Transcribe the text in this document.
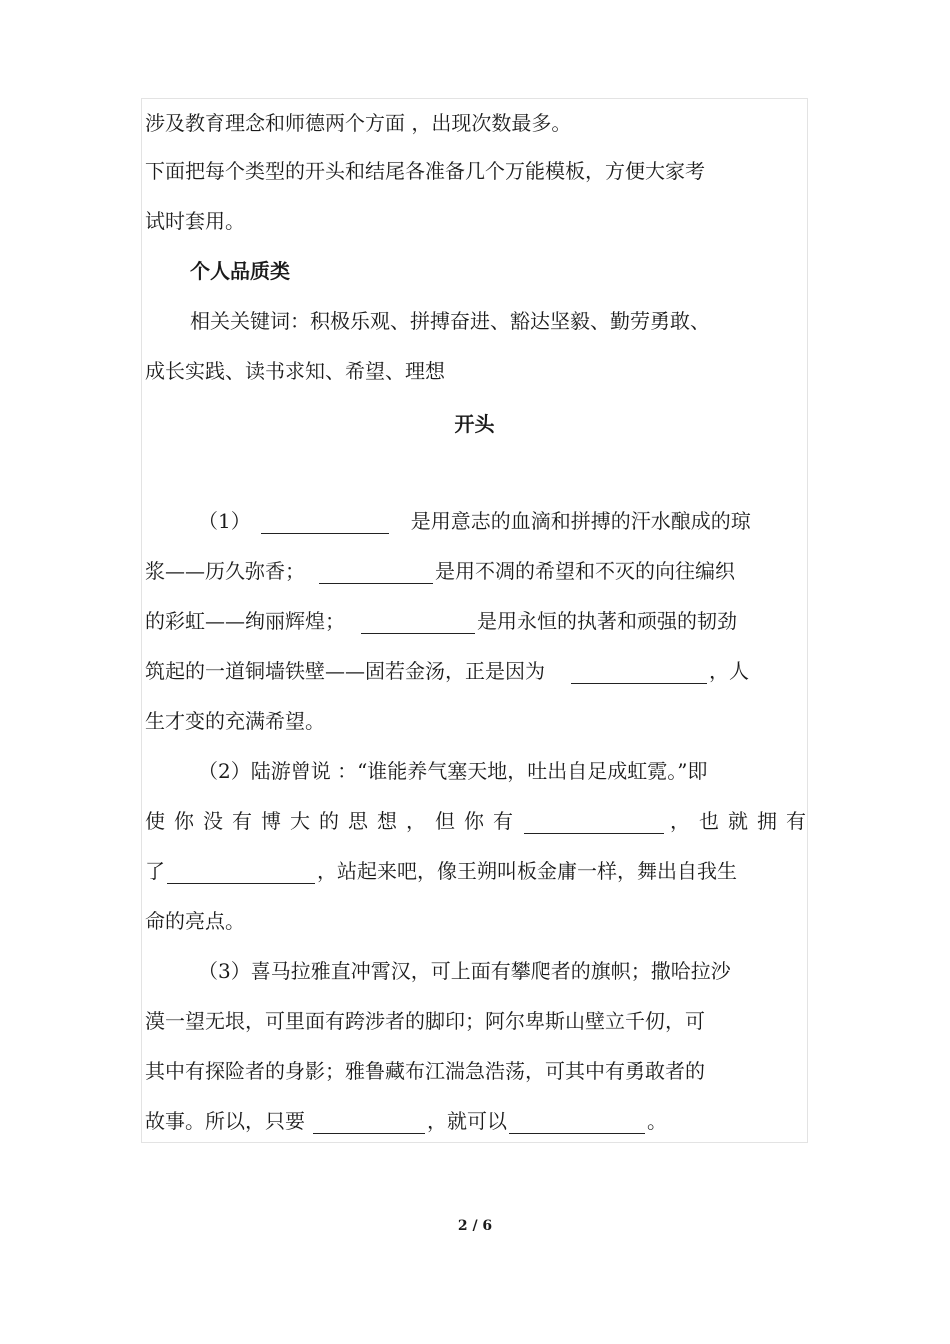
涉及教育理念和师德两个方面 ，出现次数最多。
下面把每个类型的开头和结尾各准备几个万能模板，方便大家考
试时套用。
个人品质类
相关关键词：积极乐观、拼搏奋进、豁达坚毅、勤劳勇敢、
成长实践、读书求知、希望、理想
开头
（1）	是用意志的血滴和拼搏的汗水酿成的琼
浆——历久弥香；	是用不凋的希望和不灭的向往编织
的彩虹——绚丽辉煌；	是用永恒的执著和顽强的韧劲
筑起的一道铜墙铁壁——固若金汤，正是因为	，人
生才变的充满希望。
（2）陆游曾说 ：“谁能养气塞天地，吐出自足成虹霓。”即
使你没有博大的思想，但你有	，也就拥有
了	，站起来吧，像王朔叫板金庸一样，舞出自我生
命的亮点。
（3）喜马拉雅直冲霄汉，可上面有攀爬者的旗帜；撒哈拉沙
漠一望无垠，可里面有跨涉者的脚印；阿尔卑斯山壁立千仞，可
其中有探险者的身影；雅鲁藏布江湍急浩荡，可其中有勇敢者的
故事。所以，只要	，就可以	。
2 / 6
